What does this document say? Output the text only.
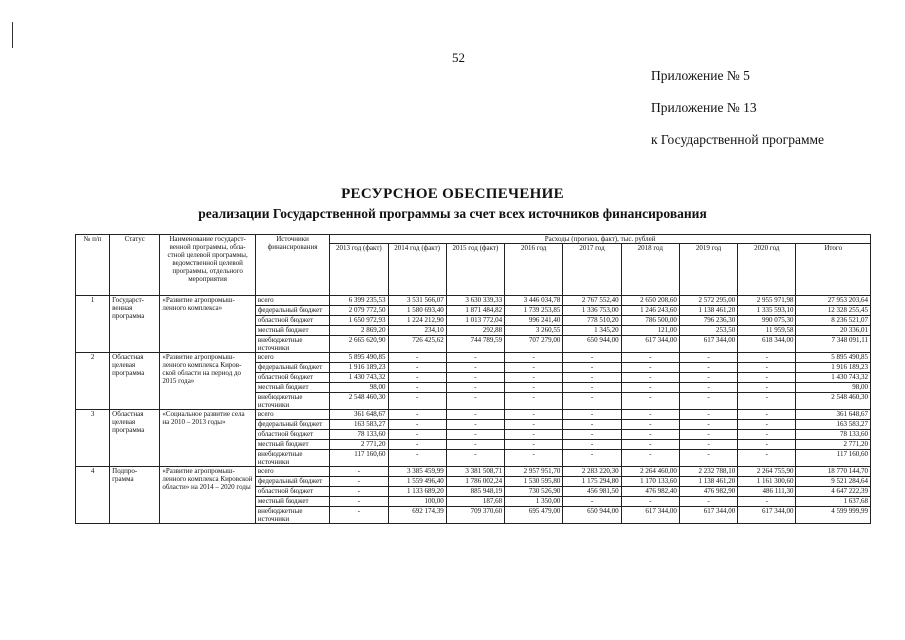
52
Приложение № 5
Приложение № 13
к Государственной программе
РЕСУРСНОЕ ОБЕСПЕЧЕНИЕ
реализации Государственной программы за счет всех источников финансирования
№ п/п	Статус	Наименование государст-венной программы, обла-стной целевой программы, ведомственной целевой программы, отдельного мероприятия	Источники финансирования	Расходы (прогноз, факт), тыс. рублей								
				2013 год (факт)	2014 год (факт)	2015 год (факт)	2016 год	2017 год	2018 год	2019 год	2020 год	Итого
1	Государст-венная программа	«Развитие агропромыш-ленного комплекса»	всего	6 399 235,53	3 531 566,07	3 630 339,33	3 446 034,78	2 767 552,40	2 650 208,60	2 572 295,00	2 955 971,98	27 953 203,64
			федеральный бюджет	2 079 772,50	1 580 693,40	1 871 484,82	1 739 253,85	1 336 753,00	1 246 243,60	1 138 461,20	1 335 593,10	12 328 255,45
			областной бюджет	1 650 972,93	1 224 212,90	1 013 772,04	996 241,40	778 510,20	786 500,00	796 236,30	990 075,30	8 236 521,07
			местный бюджет	2 869,20	234,10	292,88	3 260,55	1 345,20	121,00	253,50	11 959,58	20 336,01
			внебюджетные источники	2 665 620,90	726 425,62	744 789,59	707 279,00	650 944,00	617 344,00	617 344,00	618 344,00	7 348 091,11
2	Областная целевая программа	«Развитие агропромыш-ленного комплекса Киров-ской области на период до 2015 года»	всего	5 895 490,85	-	-	-	-	-	-	-	5 895 490,85
			федеральный бюджет	1 916 189,23	-	-	-	-	-	-	-	1 916 189,23
			областной бюджет	1 430 743,32	-	-	-	-	-	-	-	1 430 743,32
			местный бюджет	98,00	-	-	-	-	-	-	-	98,00
			внебюджетные источники	2 548 460,30	-	-	-	-	-	-	-	2 548 460,30
3	Областная целевая программа	«Социальное развитие села на 2010 – 2013 годы»	всего	361 648,67	-	-	-	-	-	-	-	361 648,67
			федеральный бюджет	163 583,27	-	-	-	-	-	-	-	163 583,27
			областной бюджет	78 133,60	-	-	-	-	-	-	-	78 133,60
			местный бюджет	2 771,20	-	-	-	-	-	-	-	2 771,20
			внебюджетные источники	117 160,60	-	-	-	-	-	-	-	117 160,60
4	Подпро-грамма	«Развитие агропромыш-ленного комплекса Кировской области» на 2014 – 2020 годы	всего	-	3 385 459,99	3 381 508,71	2 957 951,70	2 283 220,30	2 264 460,00	2 232 788,10	2 264 755,90	18 770 144,70
			федеральный бюджет	-	1 559 496,40	1 786 002,24	1 530 595,80	1 175 294,80	1 170 133,60	1 138 461,20	1 161 300,60	9 521 284,64
			областной бюджет	-	1 133 689,20	885 948,19	730 526,90	456 981,50	476 982,40	476 982,90	486 111,30	4 647 222,39
			местный бюджет	-	100,00	187,68	1 350,00	-	-	-	-	1 637,68
			внебюджетные источники	-	692 174,39	709 370,60	695 479,00	650 944,00	617 344,00	617 344,00	617 344,00	4 599 999,99
